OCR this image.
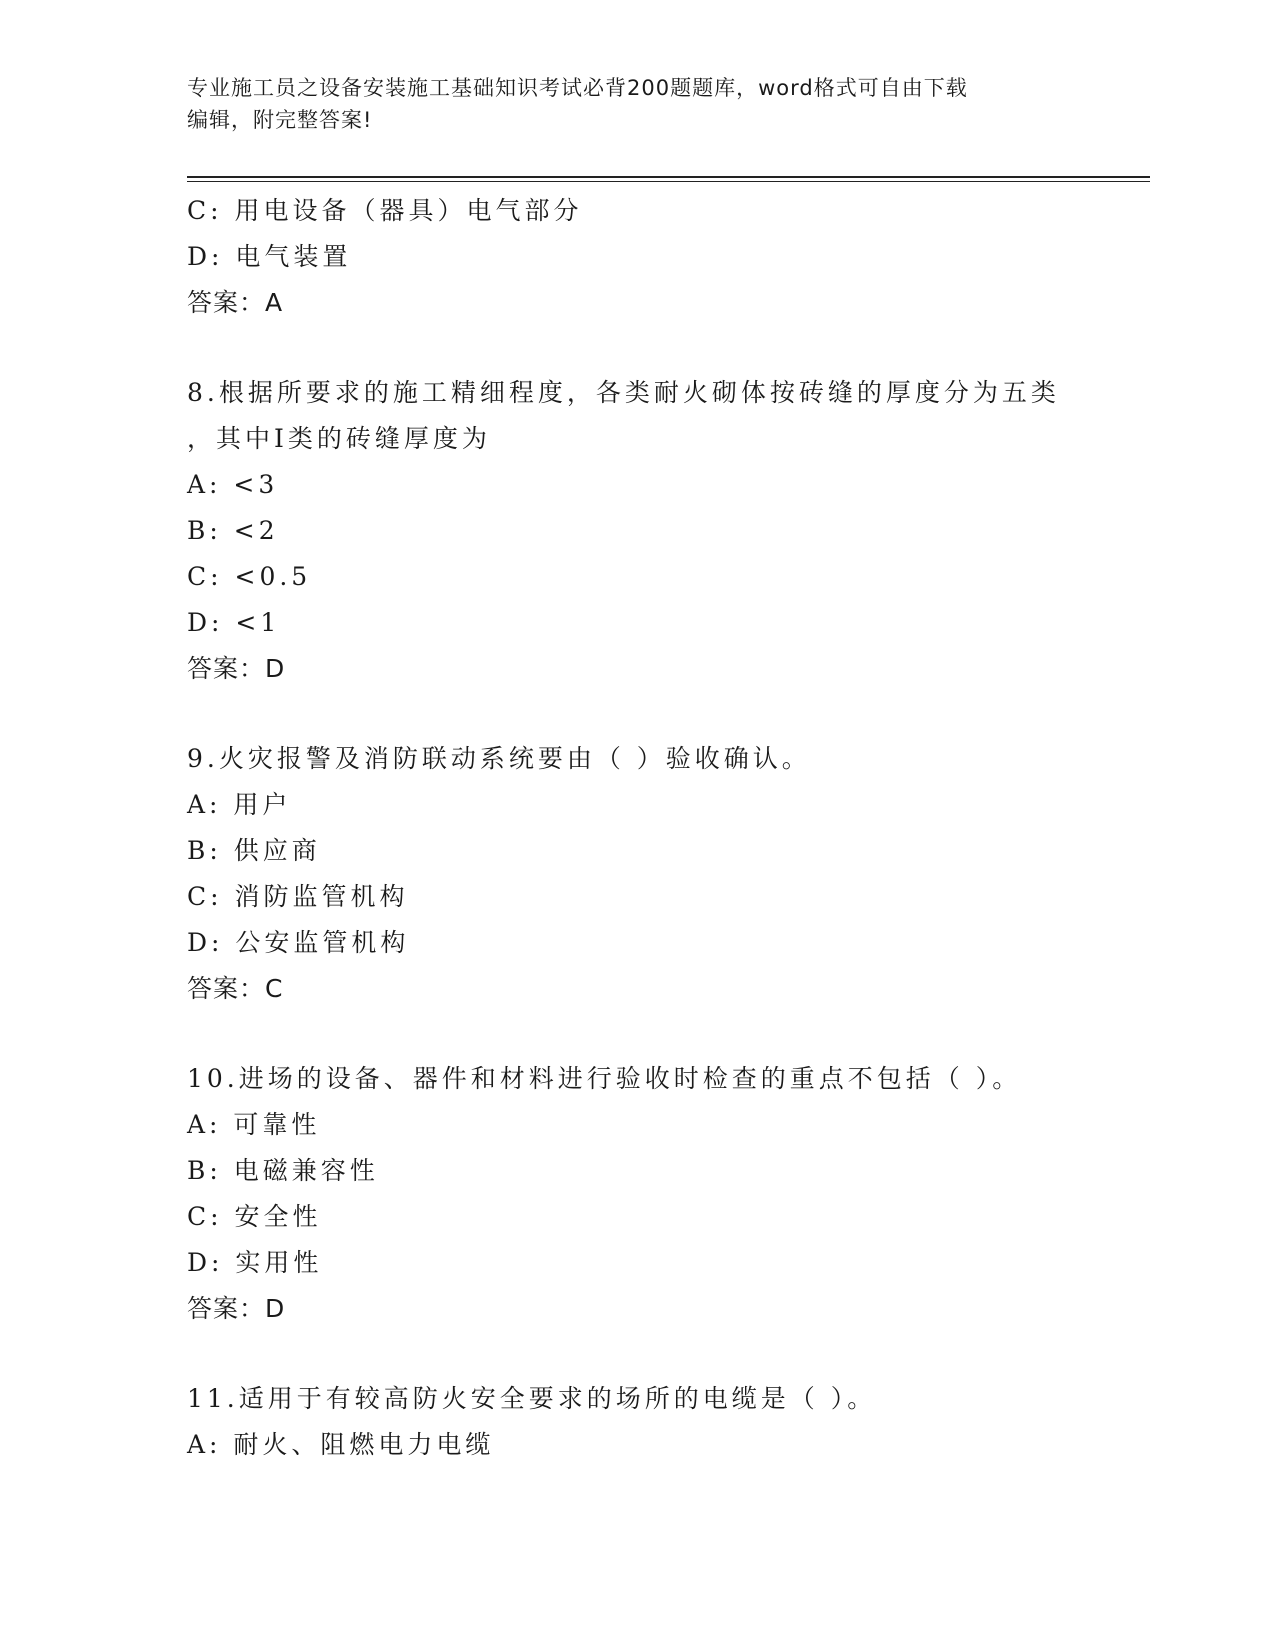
专业施工员之设备安装施工基础知识考试必背200题题库，word格式可自由下载
编辑，附完整答案!
C: 用电设备（器具）电气部分
D: 电气装置
答案：A
8.根据所要求的施工精细程度，各类耐火砌体按砖缝的厚度分为五类
，其中Ⅰ类的砖缝厚度为
A: <3
B: <2
C: <0.5
D: <1
答案：D
9.火灾报警及消防联动系统要由（ ）验收确认。
A: 用户
B: 供应商
C: 消防监管机构
D: 公安监管机构
答案：C
10.进场的设备、器件和材料进行验收时检查的重点不包括（ ）。
A: 可靠性
B: 电磁兼容性
C: 安全性
D: 实用性
答案：D
11.适用于有较高防火安全要求的场所的电缆是（ ）。
A: 耐火、阻燃电力电缆
